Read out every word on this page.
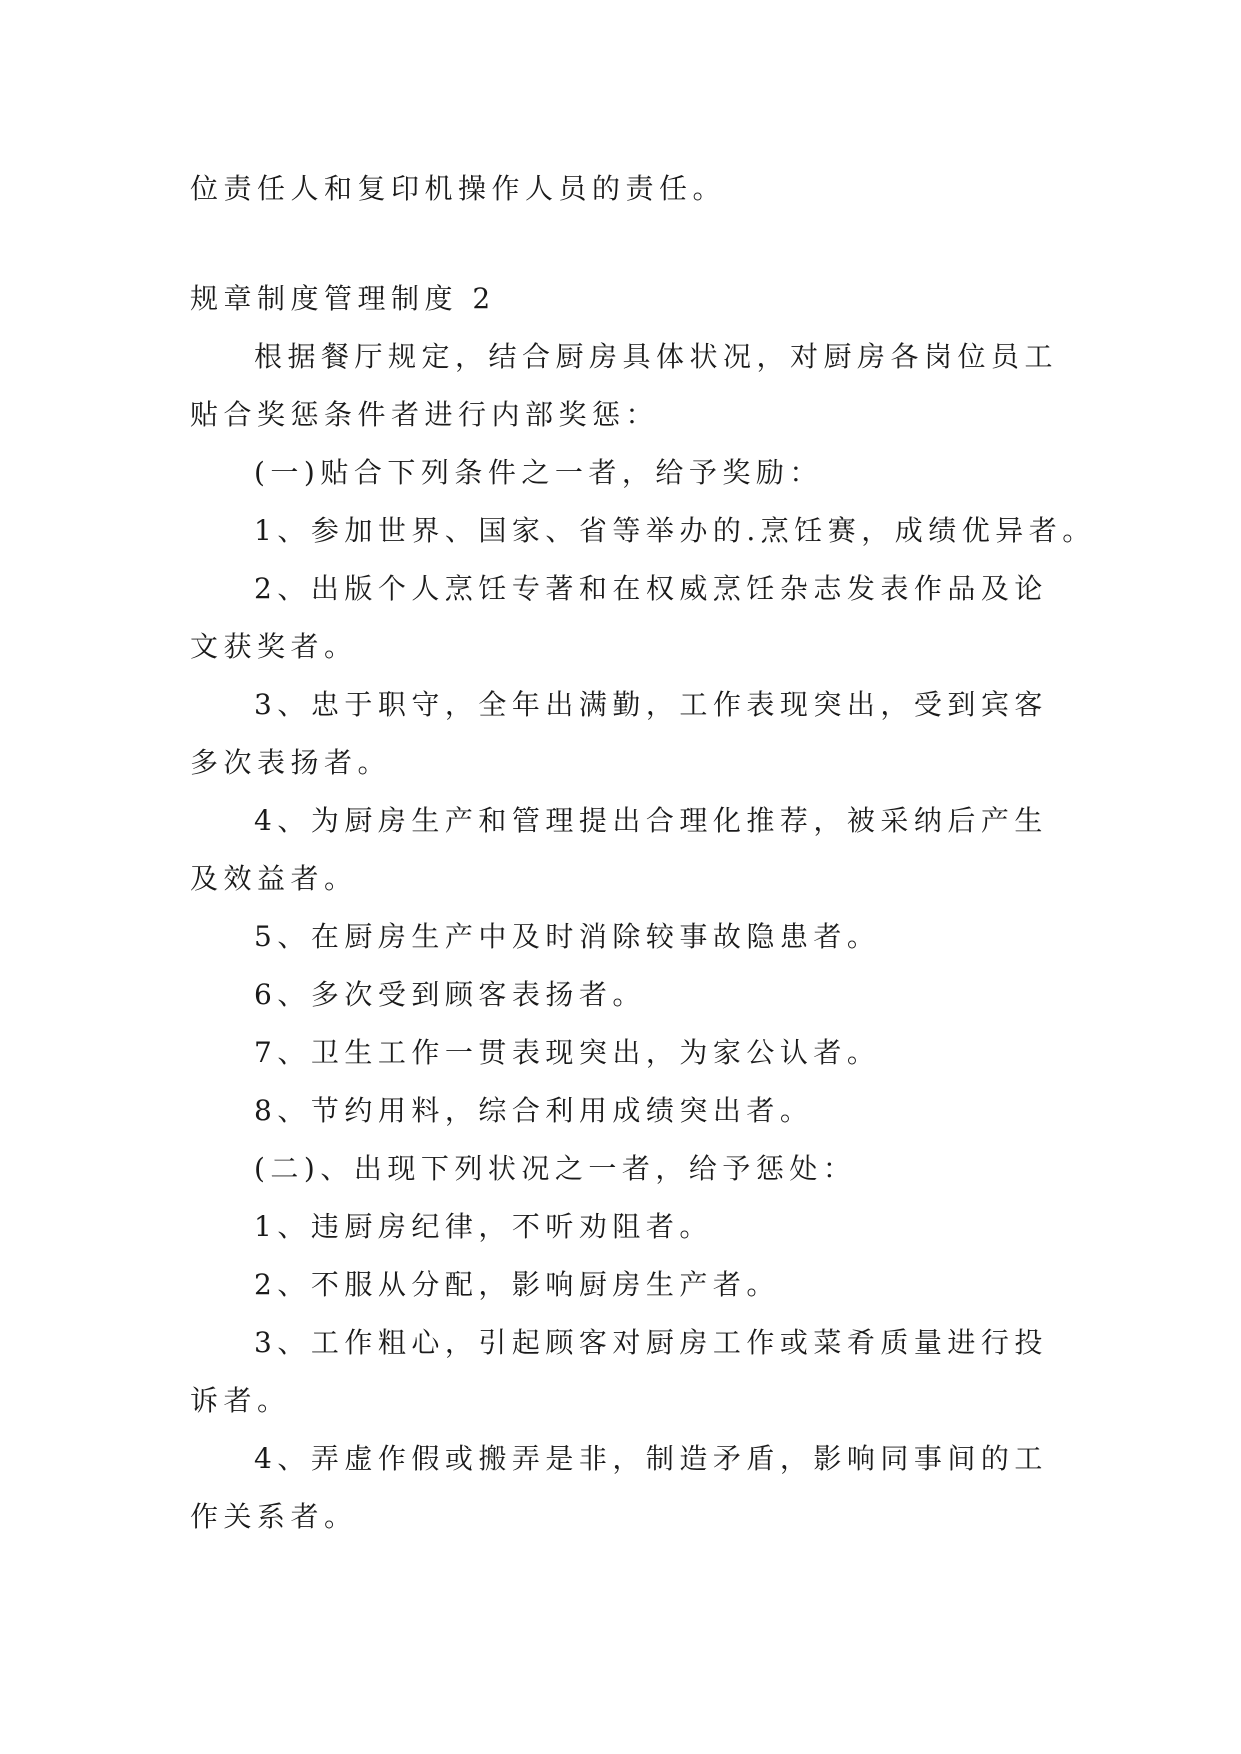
位责任人和复印机操作人员的责任。
规章制度管理制度 2
根据餐厅规定，结合厨房具体状况，对厨房各岗位员工
贴合奖惩条件者进行内部奖惩：
(一)贴合下列条件之一者，给予奖励：
1、参加世界、国家、省等举办的.烹饪赛，成绩优异者。
2、出版个人烹饪专著和在权威烹饪杂志发表作品及论
文获奖者。
3、忠于职守，全年出满勤，工作表现突出，受到宾客
多次表扬者。
4、为厨房生产和管理提出合理化推荐，被采纳后产生
及效益者。
5、在厨房生产中及时消除较事故隐患者。
6、多次受到顾客表扬者。
7、卫生工作一贯表现突出，为家公认者。
8、节约用料，综合利用成绩突出者。
(二)、出现下列状况之一者，给予惩处：
1、违厨房纪律，不听劝阻者。
2、不服从分配，影响厨房生产者。
3、工作粗心，引起顾客对厨房工作或菜肴质量进行投
诉者。
4、弄虚作假或搬弄是非，制造矛盾，影响同事间的工
作关系者。
